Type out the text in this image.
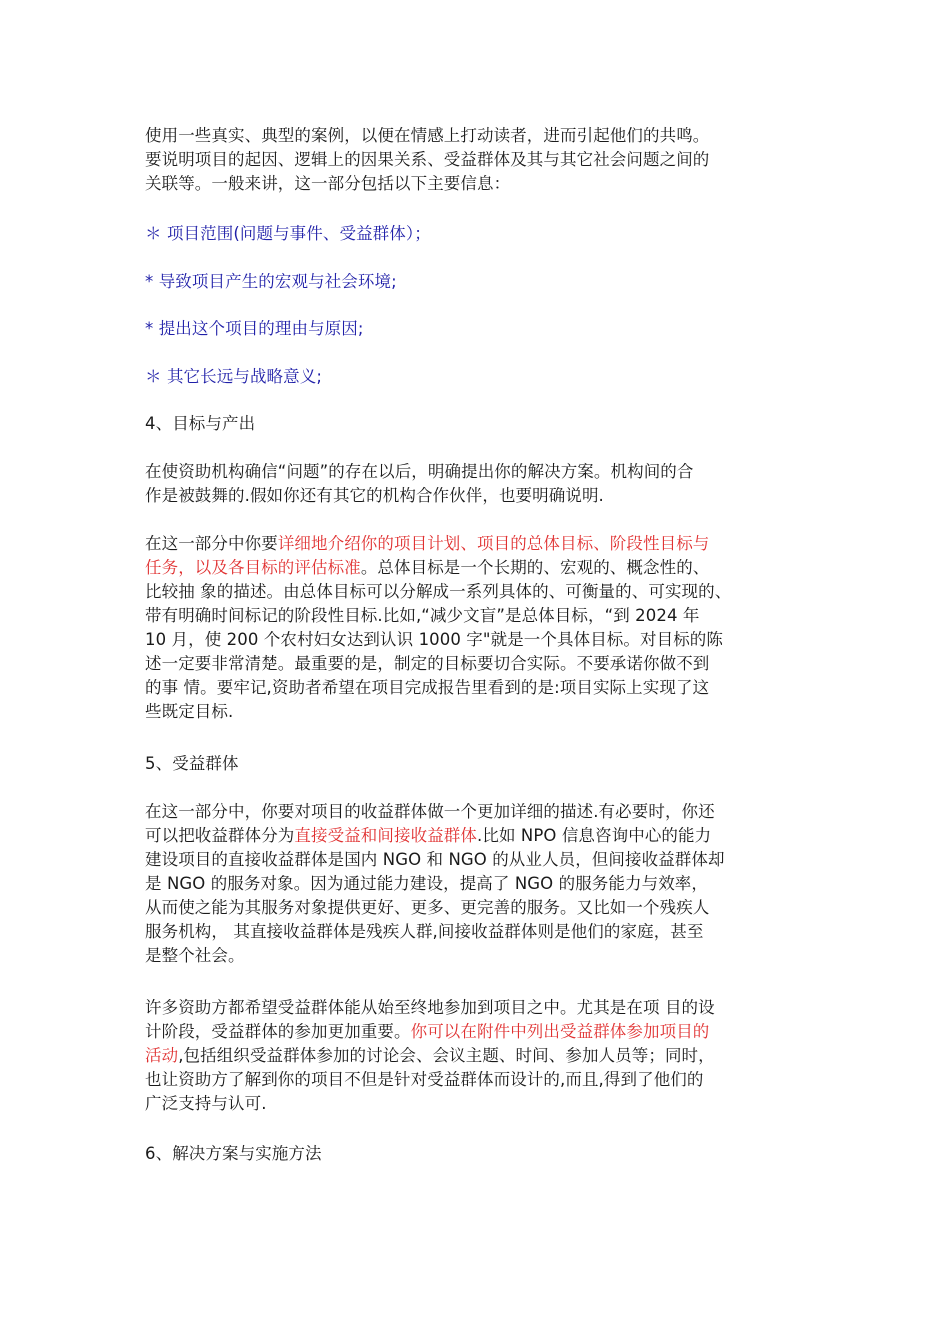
使用一些真实、典型的案例，以便在情感上打动读者，进而引起他们的共鸣。

要说明项目的起因、逻辑上的因果关系、受益群体及其与其它社会问题之间的

关联等。一般来讲，这一部分包括以下主要信息：

＊ 项目范围(问题与事件、受益群体）；

* 导致项目产生的宏观与社会环境;

* 提出这个项目的理由与原因;

＊ 其它长远与战略意义;

4、目标与产出

在使资助机构确信“问题”的存在以后，明确提出你的解决方案。机构间的合

作是被鼓舞的.假如你还有其它的机构合作伙伴，也要明确说明.

在这一部分中你要详细地介绍你的项目计划、项目的总体目标、阶段性目标与

任务，以及各目标的评估标准。总体目标是一个长期的、宏观的、概念性的、

比较抽 象的描述。由总体目标可以分解成一系列具体的、可衡量的、可实现的、

带有明确时间标记的阶段性目标.比如,“减少文盲”是总体目标，“到 2024 年

10 月，使 200 个农村妇女达到认识 1000 字"就是一个具体目标。对目标的陈

述一定要非常清楚。最重要的是，制定的目标要切合实际。不要承诺你做不到

的事 情。要牢记,资助者希望在项目完成报告里看到的是:项目实际上实现了这

些既定目标.

5、受益群体

在这一部分中，你要对项目的收益群体做一个更加详细的描述.有必要时，你还

可以把收益群体分为直接受益和间接收益群体.比如 NPO 信息咨询中心的能力

建设项目的直接收益群体是国内 NGO 和 NGO 的从业人员，但间接收益群体却

是 NGO 的服务对象。因为通过能力建设，提高了 NGO 的服务能力与效率，

从而使之能为其服务对象提供更好、更多、更完善的服务。又比如一个残疾人

服务机构， 其直接收益群体是残疾人群,间接收益群体则是他们的家庭，甚至

是整个社会。

许多资助方都希望受益群体能从始至终地参加到项目之中。尤其是在项 目的设

计阶段，受益群体的参加更加重要。你可以在附件中列出受益群体参加项目的

活动,包括组织受益群体参加的讨论会、会议主题、时间、参加人员等；同时，

也让资助方了解到你的项目不但是针对受益群体而设计的,而且,得到了他们的

广泛支持与认可.

6、解决方案与实施方法
